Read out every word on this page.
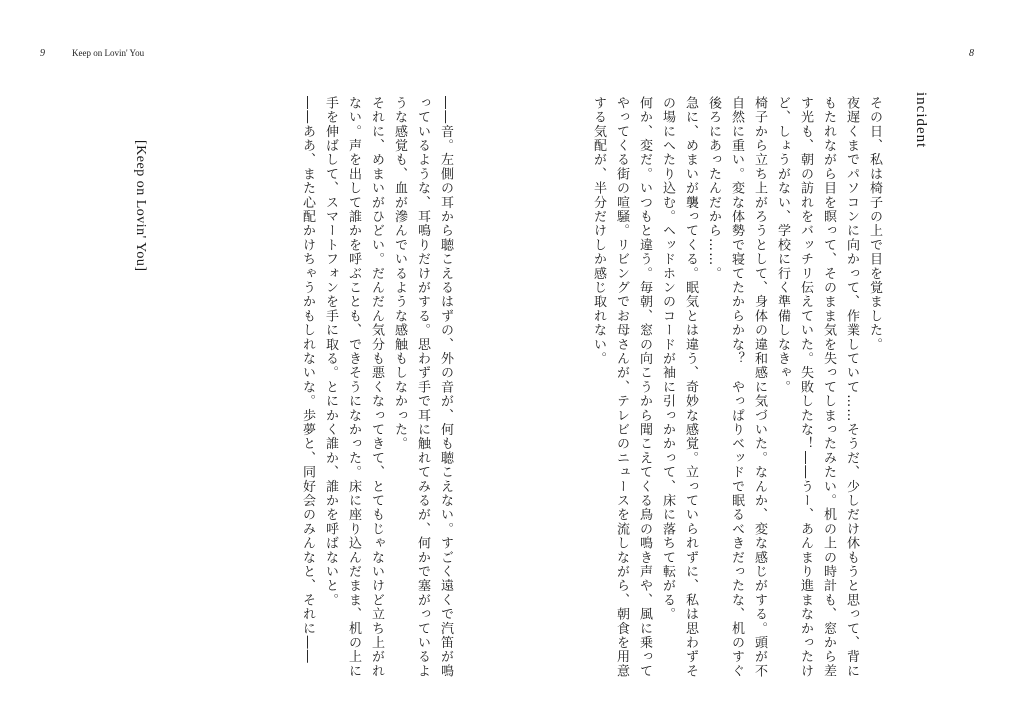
9	Keep on Lovin' You
[Keep on Lovin' You]	――音。左側の耳から聴こえるはずの、外の音が、何も聴こえない。すごく遠くで汽笛が鳴っているような、耳鳴りだけがする。思わず手で耳に触れてみるが、何かで塞がっているような感覚も、血が滲んでいるような感触もしなかった。

それに、めまいがひどい。だんだん気分も悪くなってきて、とてもじゃないけど立ち上がれない。声を出して誰かを呼ぶことも、できそうになかった。床に座り込んだまま、机の上に手を伸ばして、スマートフォンを手に取る。とにかく誰か、誰かを呼ばないと。

――ああ、また心配かけちゃうかもしれないな。歩夢と、同好会のみんなと、それに――

8
incident

その日、私は椅子の上で目を覚ました。

夜遅くまでパソコンに向かって、作業していて……そうだ、少しだけ休もうと思って、背にもたれながら目を瞑って、そのまま気を失ってしまったみたい。机の上の時計も、窓から差す光も、朝の訪れをバッチリ伝えていた。失敗したな！――うー、あんまり進まなかったけど、しょうがない、学校に行く準備しなきゃ。

椅子から立ち上がろうとして、身体の違和感に気づいた。なんか、変な感じがする。頭が不自然に重い。変な体勢で寝てたからかな？　やっぱりベッドで眠るべきだったな、机のすぐ後ろにあったんだから……。

急に、めまいが襲ってくる。眠気とは違う、奇妙な感覚。立っていられずに、私は思わずその場にへたり込む。ヘッドホンのコードが袖に引っかかって、床に落ちて転がる。

何か、変だ。いつもと違う。毎朝、窓の向こうから聞こえてくる鳥の鳴き声や、風に乗ってやってくる街の喧騒。リビングでお母さんが、テレビのニュースを流しながら、朝食を用意する気配が、半分だけしか感じ取れない。
